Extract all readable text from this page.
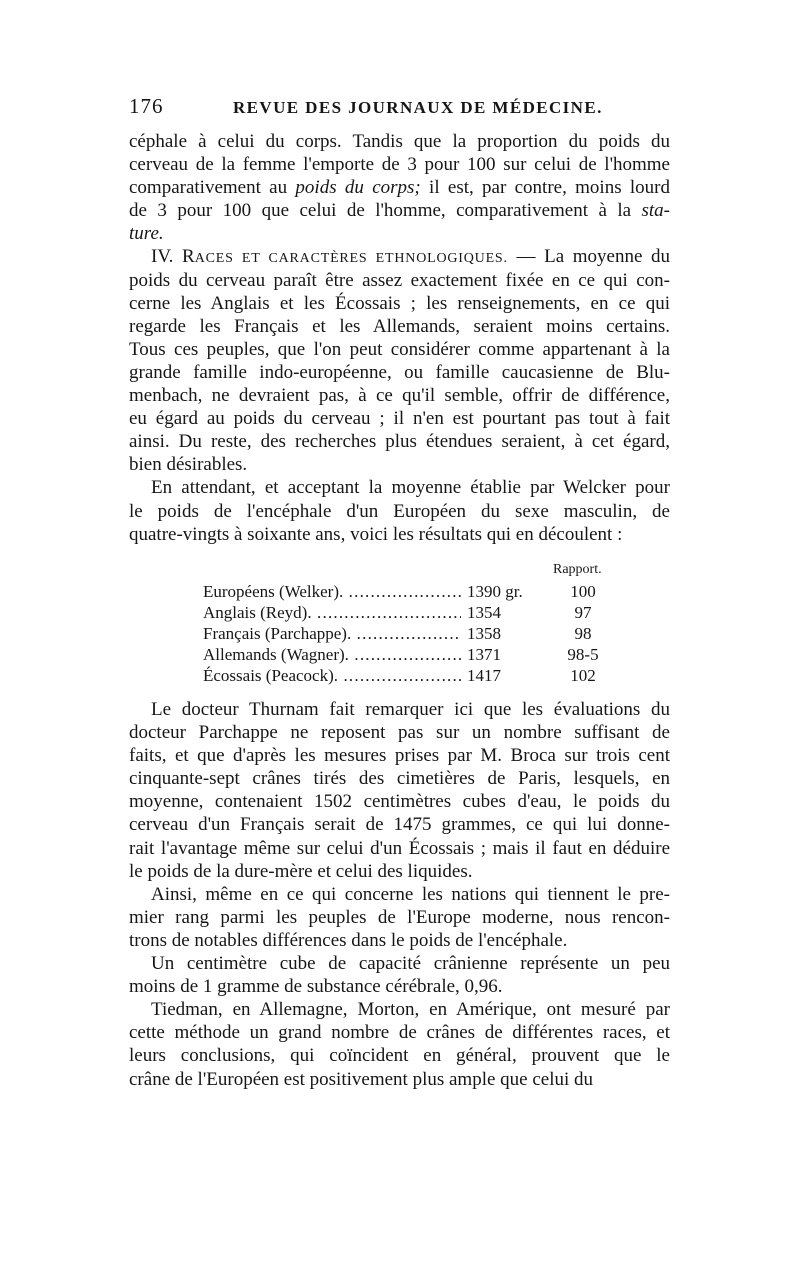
176	REVUE DES JOURNAUX DE MÉDECINE.
céphale à celui du corps. Tandis que la proportion du poids du
cerveau de la femme l'emporte de 3 pour 100 sur celui de l'homme
comparativement au poids du corps; il est, par contre, moins lourd
de 3 pour 100 que celui de l'homme, comparativement à la sta-
ture.
IV. RACES ET CARACTÈRES ETHNOLOGIQUES. — La moyenne du
poids du cerveau paraît être assez exactement fixée en ce qui con-
cerne les Anglais et les Écossais ; les renseignements, en ce qui
regarde les Français et les Allemands, seraient moins certains.
Tous ces peuples, que l'on peut considérer comme appartenant à la
grande famille indo-européenne, ou famille caucasienne de Blu-
menbach, ne devraient pas, à ce qu'il semble, offrir de différence,
eu égard au poids du cerveau ; il n'en est pourtant pas tout à fait
ainsi. Du reste, des recherches plus étendues seraient, à cet égard,
bien désirables.
En attendant, et acceptant la moyenne établie par Welcker pour
le poids de l'encéphale d'un Européen du sexe masculin, de
quatre-vingts à soixante ans, voici les résultats qui en découlent :
Rapport.
Européens (Welker). .....	1390 gr.	100
Anglais (Reyd). .....	1354	97
Français (Parchappe). .....	1358	98
Allemands (Wagner). .....	1371	98-5
Écossais (Peacock). .....	1417	102
Le docteur Thurnam fait remarquer ici que les évaluations du
docteur Parchappe ne reposent pas sur un nombre suffisant de
faits, et que d'après les mesures prises par M. Broca sur trois cent
cinquante-sept crânes tirés des cimetières de Paris, lesquels, en
moyenne, contenaient 1502 centimètres cubes d'eau, le poids du
cerveau d'un Français serait de 1475 grammes, ce qui lui donne-
rait l'avantage même sur celui d'un Écossais ; mais il faut en déduire
le poids de la dure-mère et celui des liquides.
Ainsi, même en ce qui concerne les nations qui tiennent le pre-
mier rang parmi les peuples de l'Europe moderne, nous rencon-
trons de notables différences dans le poids de l'encéphale.
Un centimètre cube de capacité crânienne représente un peu
moins de 1 gramme de substance cérébrale, 0,96.
Tiedman, en Allemagne, Morton, en Amérique, ont mesuré par
cette méthode un grand nombre de crânes de différentes races, et
leurs conclusions, qui coïncident en général, prouvent que le
crâne de l'Européen est positivement plus ample que celui du
